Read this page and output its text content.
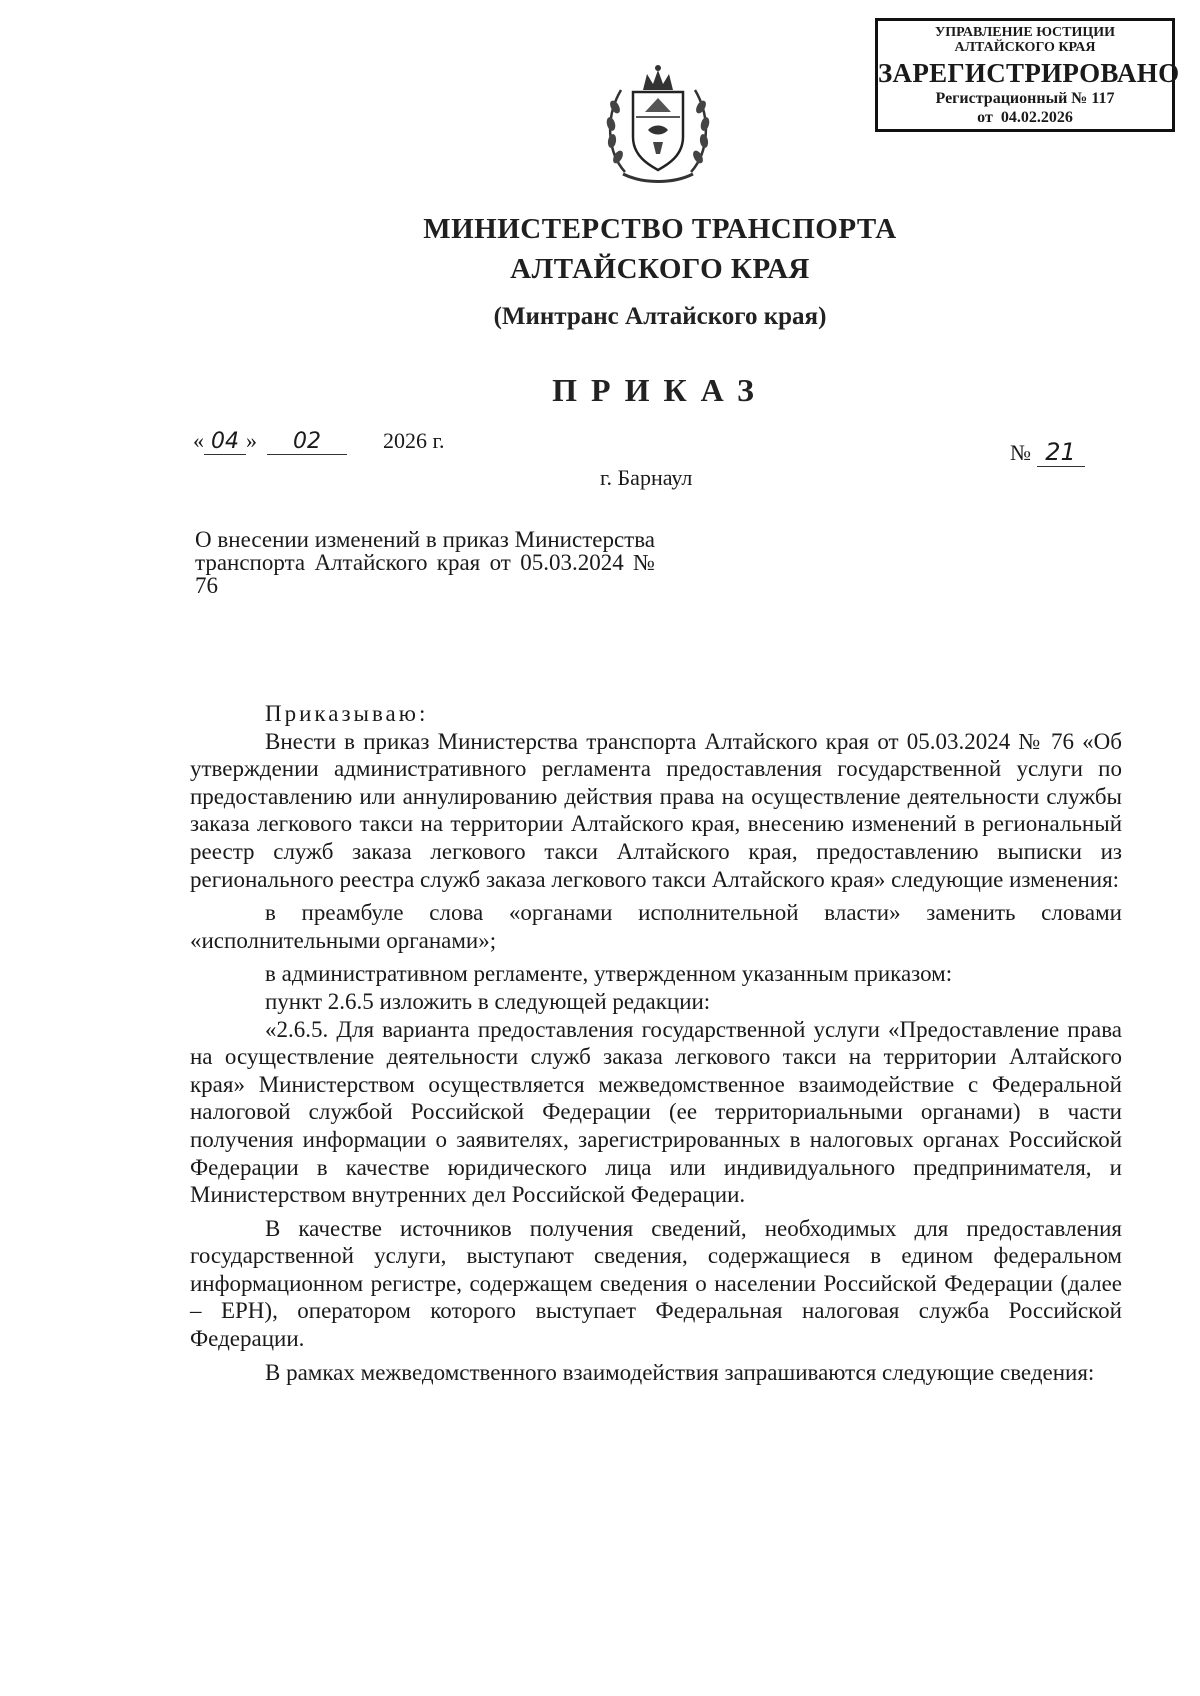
УПРАВЛЕНИЕ ЮСТИЦИИ
АЛТАЙСКОГО КРАЯ
ЗАРЕГИСТРИРОВАНО
Регистрационный № 117
от  04.02.2026
МИНИСТЕРСТВО ТРАНСПОРТА
АЛТАЙСКОГО КРАЯ
(Минтранс Алтайского края)
ПРИКАЗ
« 04 » 02	2026 г.	№ 21
г. Барнаул
О внесении изменений в приказ Министерства транспорта Алтайского края от 05.03.2024 № 76

Приказываю:

Внести в приказ Министерства транспорта Алтайского края от 05.03.2024 № 76 «Об утверждении административного регламента предоставления государственной услуги по предоставлению или аннулированию действия права на осуществление деятельности службы заказа легкового такси на территории Алтайского края, внесению изменений в региональный реестр служб заказа легкового такси Алтайского края, предоставлению выписки из регионального реестра служб заказа легкового такси Алтайского края» следующие изменения:

в преамбуле слова «органами исполнительной власти» заменить словами «исполнительными органами»;

в административном регламенте, утвержденном указанным приказом:

пункт 2.6.5 изложить в следующей редакции:

«2.6.5. Для варианта предоставления государственной услуги «Предоставление права на осуществление деятельности служб заказа легкового такси на территории Алтайского края» Министерством осуществляется межведомственное взаимодействие с Федеральной налоговой службой Российской Федерации (ее территориальными органами) в части получения информации о заявителях, зарегистрированных в налоговых органах Российской Федерации в качестве юридического лица или индивидуального предпринимателя, и Министерством внутренних дел Российской Федерации.

В качестве источников получения сведений, необходимых для предоставления государственной услуги, выступают сведения, содержащиеся в едином федеральном информационном регистре, содержащем сведения о населении Российской Федерации (далее – ЕРН), оператором которого выступает Федеральная налоговая служба Российской Федерации.

В рамках межведомственного взаимодействия запрашиваются следующие сведения:
